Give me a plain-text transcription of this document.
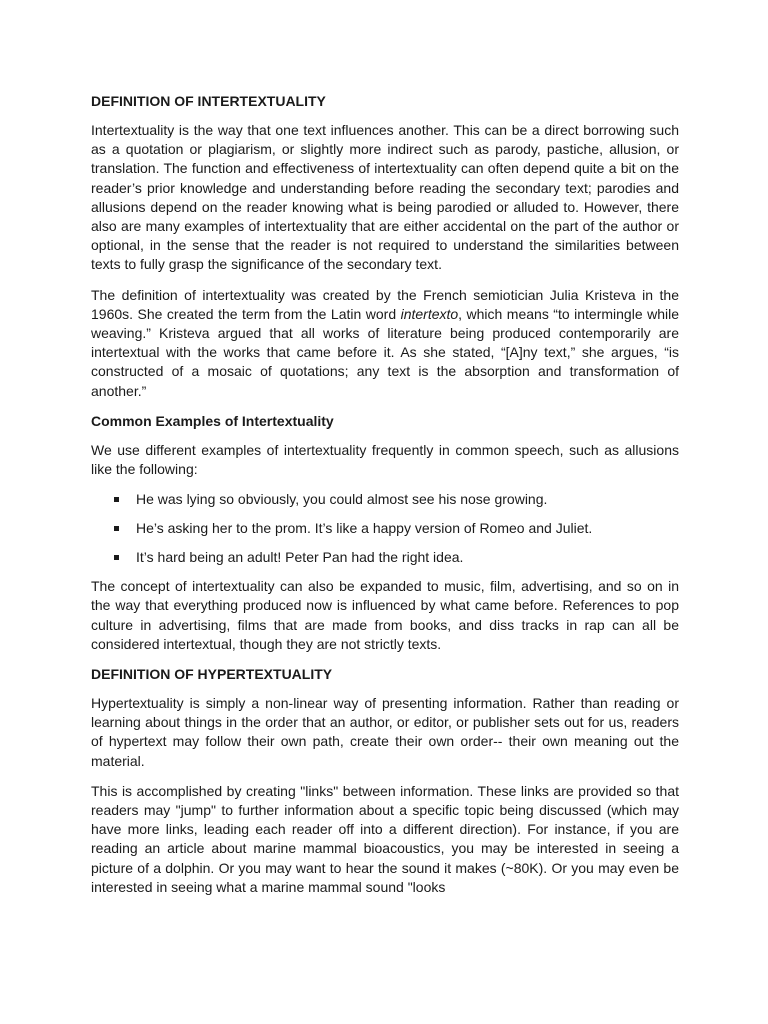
DEFINITION OF INTERTEXTUALITY

Intertextuality is the way that one text influences another. This can be a direct borrowing such as a quotation or plagiarism, or slightly more indirect such as parody, pastiche, allusion, or translation. The function and effectiveness of intertextuality can often depend quite a bit on the reader’s prior knowledge and understanding before reading the secondary text; parodies and allusions depend on the reader knowing what is being parodied or alluded to. However, there also are many examples of intertextuality that are either accidental on the part of the author or optional, in the sense that the reader is not required to understand the similarities between texts to fully grasp the significance of the secondary text.

The definition of intertextuality was created by the French semiotician Julia Kristeva in the 1960s. She created the term from the Latin word intertexto, which means “to intermingle while weaving.” Kristeva argued that all works of literature being produced contemporarily are intertextual with the works that came before it. As she stated, “[A]ny text,” she argues, “is constructed of a mosaic of quotations; any text is the absorption and transformation of another.”

Common Examples of Intertextuality

We use different examples of intertextuality frequently in common speech, such as allusions like the following:

He was lying so obviously, you could almost see his nose growing.
He’s asking her to the prom. It’s like a happy version of Romeo and Juliet.
It’s hard being an adult! Peter Pan had the right idea.

The concept of intertextuality can also be expanded to music, film, advertising, and so on in the way that everything produced now is influenced by what came before. References to pop culture in advertising, films that are made from books, and diss tracks in rap can all be considered intertextual, though they are not strictly texts.

DEFINITION OF HYPERTEXTUALITY

Hypertextuality is simply a non-linear way of presenting information. Rather than reading or learning about things in the order that an author, or editor, or publisher sets out for us, readers of hypertext may follow their own path, create their own order-- their own meaning out the material.

This is accomplished by creating "links" between information. These links are provided so that readers may "jump" to further information about a specific topic being discussed (which may have more links, leading each reader off into a different direction). For instance, if you are reading an article about marine mammal bioacoustics, you may be interested in seeing a picture of a dolphin. Or you may want to hear the sound it makes (~80K). Or you may even be interested in seeing what a marine mammal sound "looks
